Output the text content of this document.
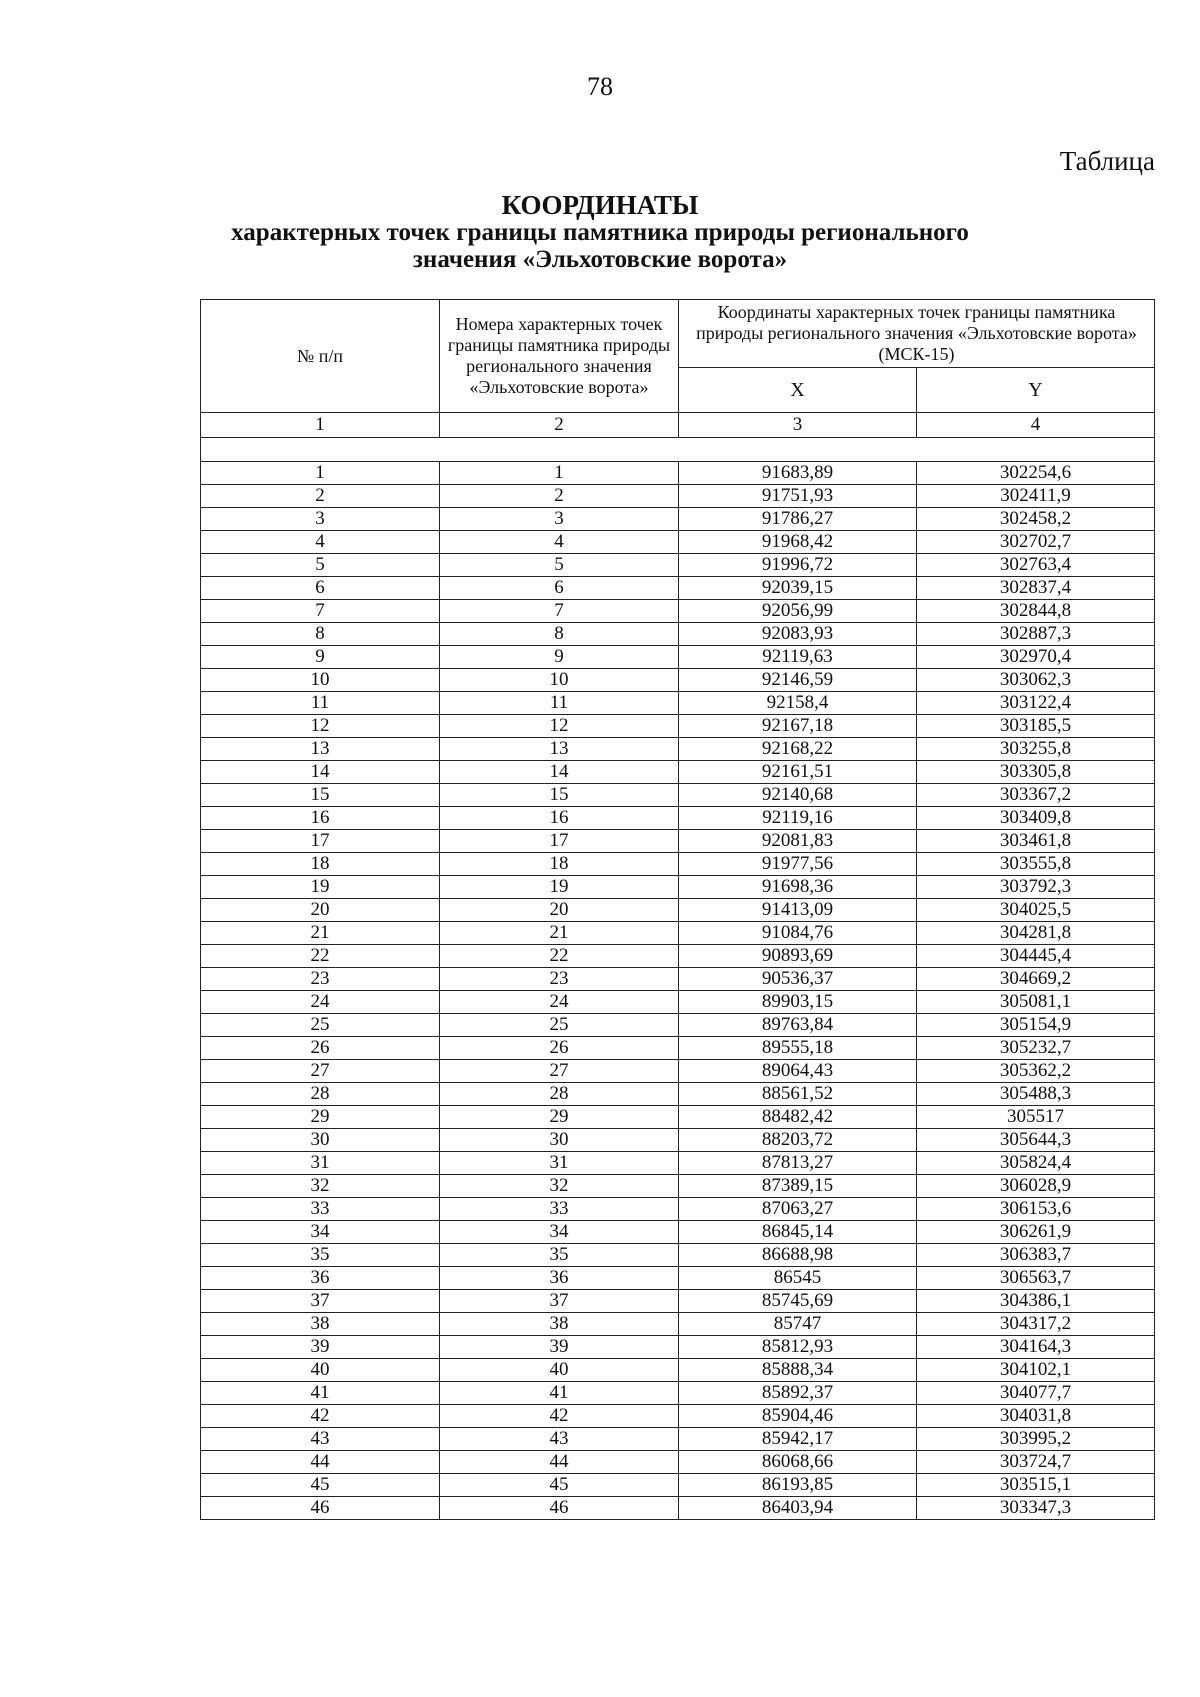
78
Таблица
КООРДИНАТЫ
характерных точек границы памятника природы регионального
значения «Эльхотовские ворота»
№ п/п	Номера характерных точек границы памятника природы регионального значения «Эльхотовские ворота»	Координаты характерных точек границы памятника природы регионального значения «Эльхотовские ворота» (МСК-15)	
		X	Y
1	2	3	4

1	1	91683,89	302254,6
2	2	91751,93	302411,9
3	3	91786,27	302458,2
4	4	91968,42	302702,7
5	5	91996,72	302763,4
6	6	92039,15	302837,4
7	7	92056,99	302844,8
8	8	92083,93	302887,3
9	9	92119,63	302970,4
10	10	92146,59	303062,3
11	11	92158,4	303122,4
12	12	92167,18	303185,5
13	13	92168,22	303255,8
14	14	92161,51	303305,8
15	15	92140,68	303367,2
16	16	92119,16	303409,8
17	17	92081,83	303461,8
18	18	91977,56	303555,8
19	19	91698,36	303792,3
20	20	91413,09	304025,5
21	21	91084,76	304281,8
22	22	90893,69	304445,4
23	23	90536,37	304669,2
24	24	89903,15	305081,1
25	25	89763,84	305154,9
26	26	89555,18	305232,7
27	27	89064,43	305362,2
28	28	88561,52	305488,3
29	29	88482,42	305517
30	30	88203,72	305644,3
31	31	87813,27	305824,4
32	32	87389,15	306028,9
33	33	87063,27	306153,6
34	34	86845,14	306261,9
35	35	86688,98	306383,7
36	36	86545	306563,7
37	37	85745,69	304386,1
38	38	85747	304317,2
39	39	85812,93	304164,3
40	40	85888,34	304102,1
41	41	85892,37	304077,7
42	42	85904,46	304031,8
43	43	85942,17	303995,2
44	44	86068,66	303724,7
45	45	86193,85	303515,1
46	46	86403,94	303347,3
